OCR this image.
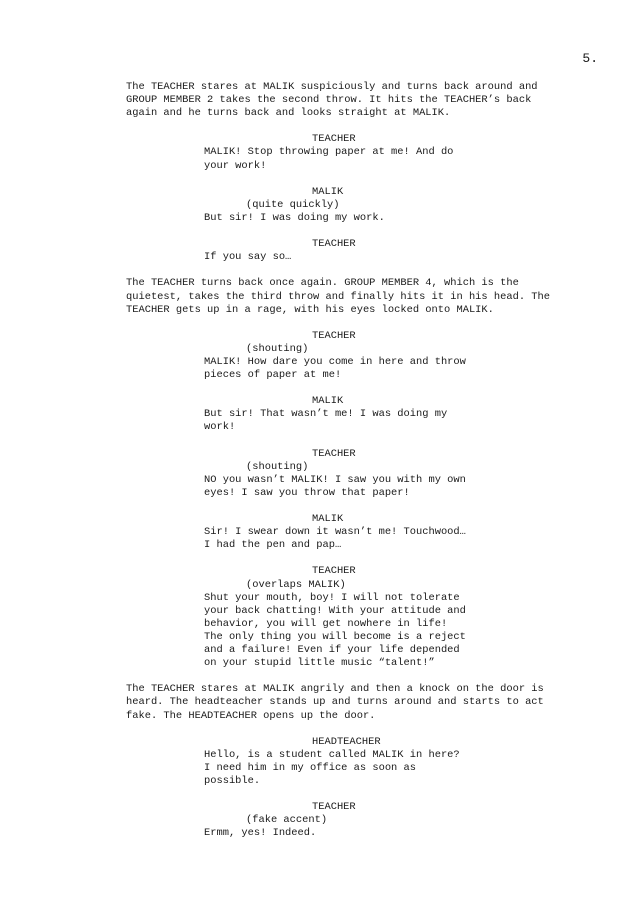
5.

The TEACHER stares at MALIK suspiciously and turns back around and GROUP MEMBER 2 takes the second throw. It hits the TEACHER’s back again and he turns back and looks straight at MALIK.

TEACHER

MALIK! Stop throwing paper at me! And do your work!

MALIK

(quite quickly)

But sir! I was doing my work.

TEACHER

If you say so…

The TEACHER turns back once again. GROUP MEMBER 4, which is the quietest, takes the third throw and finally hits it in his head. The TEACHER gets up in a rage, with his eyes locked onto MALIK.

TEACHER

(shouting)

MALIK! How dare you come in here and throw pieces of paper at me!

MALIK

But sir! That wasn’t me! I was doing my work!

TEACHER

(shouting)

NO you wasn’t MALIK! I saw you with my own eyes! I saw you throw that paper!

MALIK

Sir! I swear down it wasn’t me! Touchwood… I had the pen and pap…

TEACHER

(overlaps MALIK)

Shut your mouth, boy! I will not tolerate your back chatting! With your attitude and behavior, you will get nowhere in life! The only thing you will become is a reject and a failure! Even if your life depended on your stupid little music “talent!”

The TEACHER stares at MALIK angrily and then a knock on the door is heard. The headteacher stands up and turns around and starts to act fake. The HEADTEACHER opens up the door.

HEADTEACHER

Hello, is a student called MALIK in here? I need him in my office as soon as possible.

TEACHER

(fake accent)

Ermm, yes! Indeed.
